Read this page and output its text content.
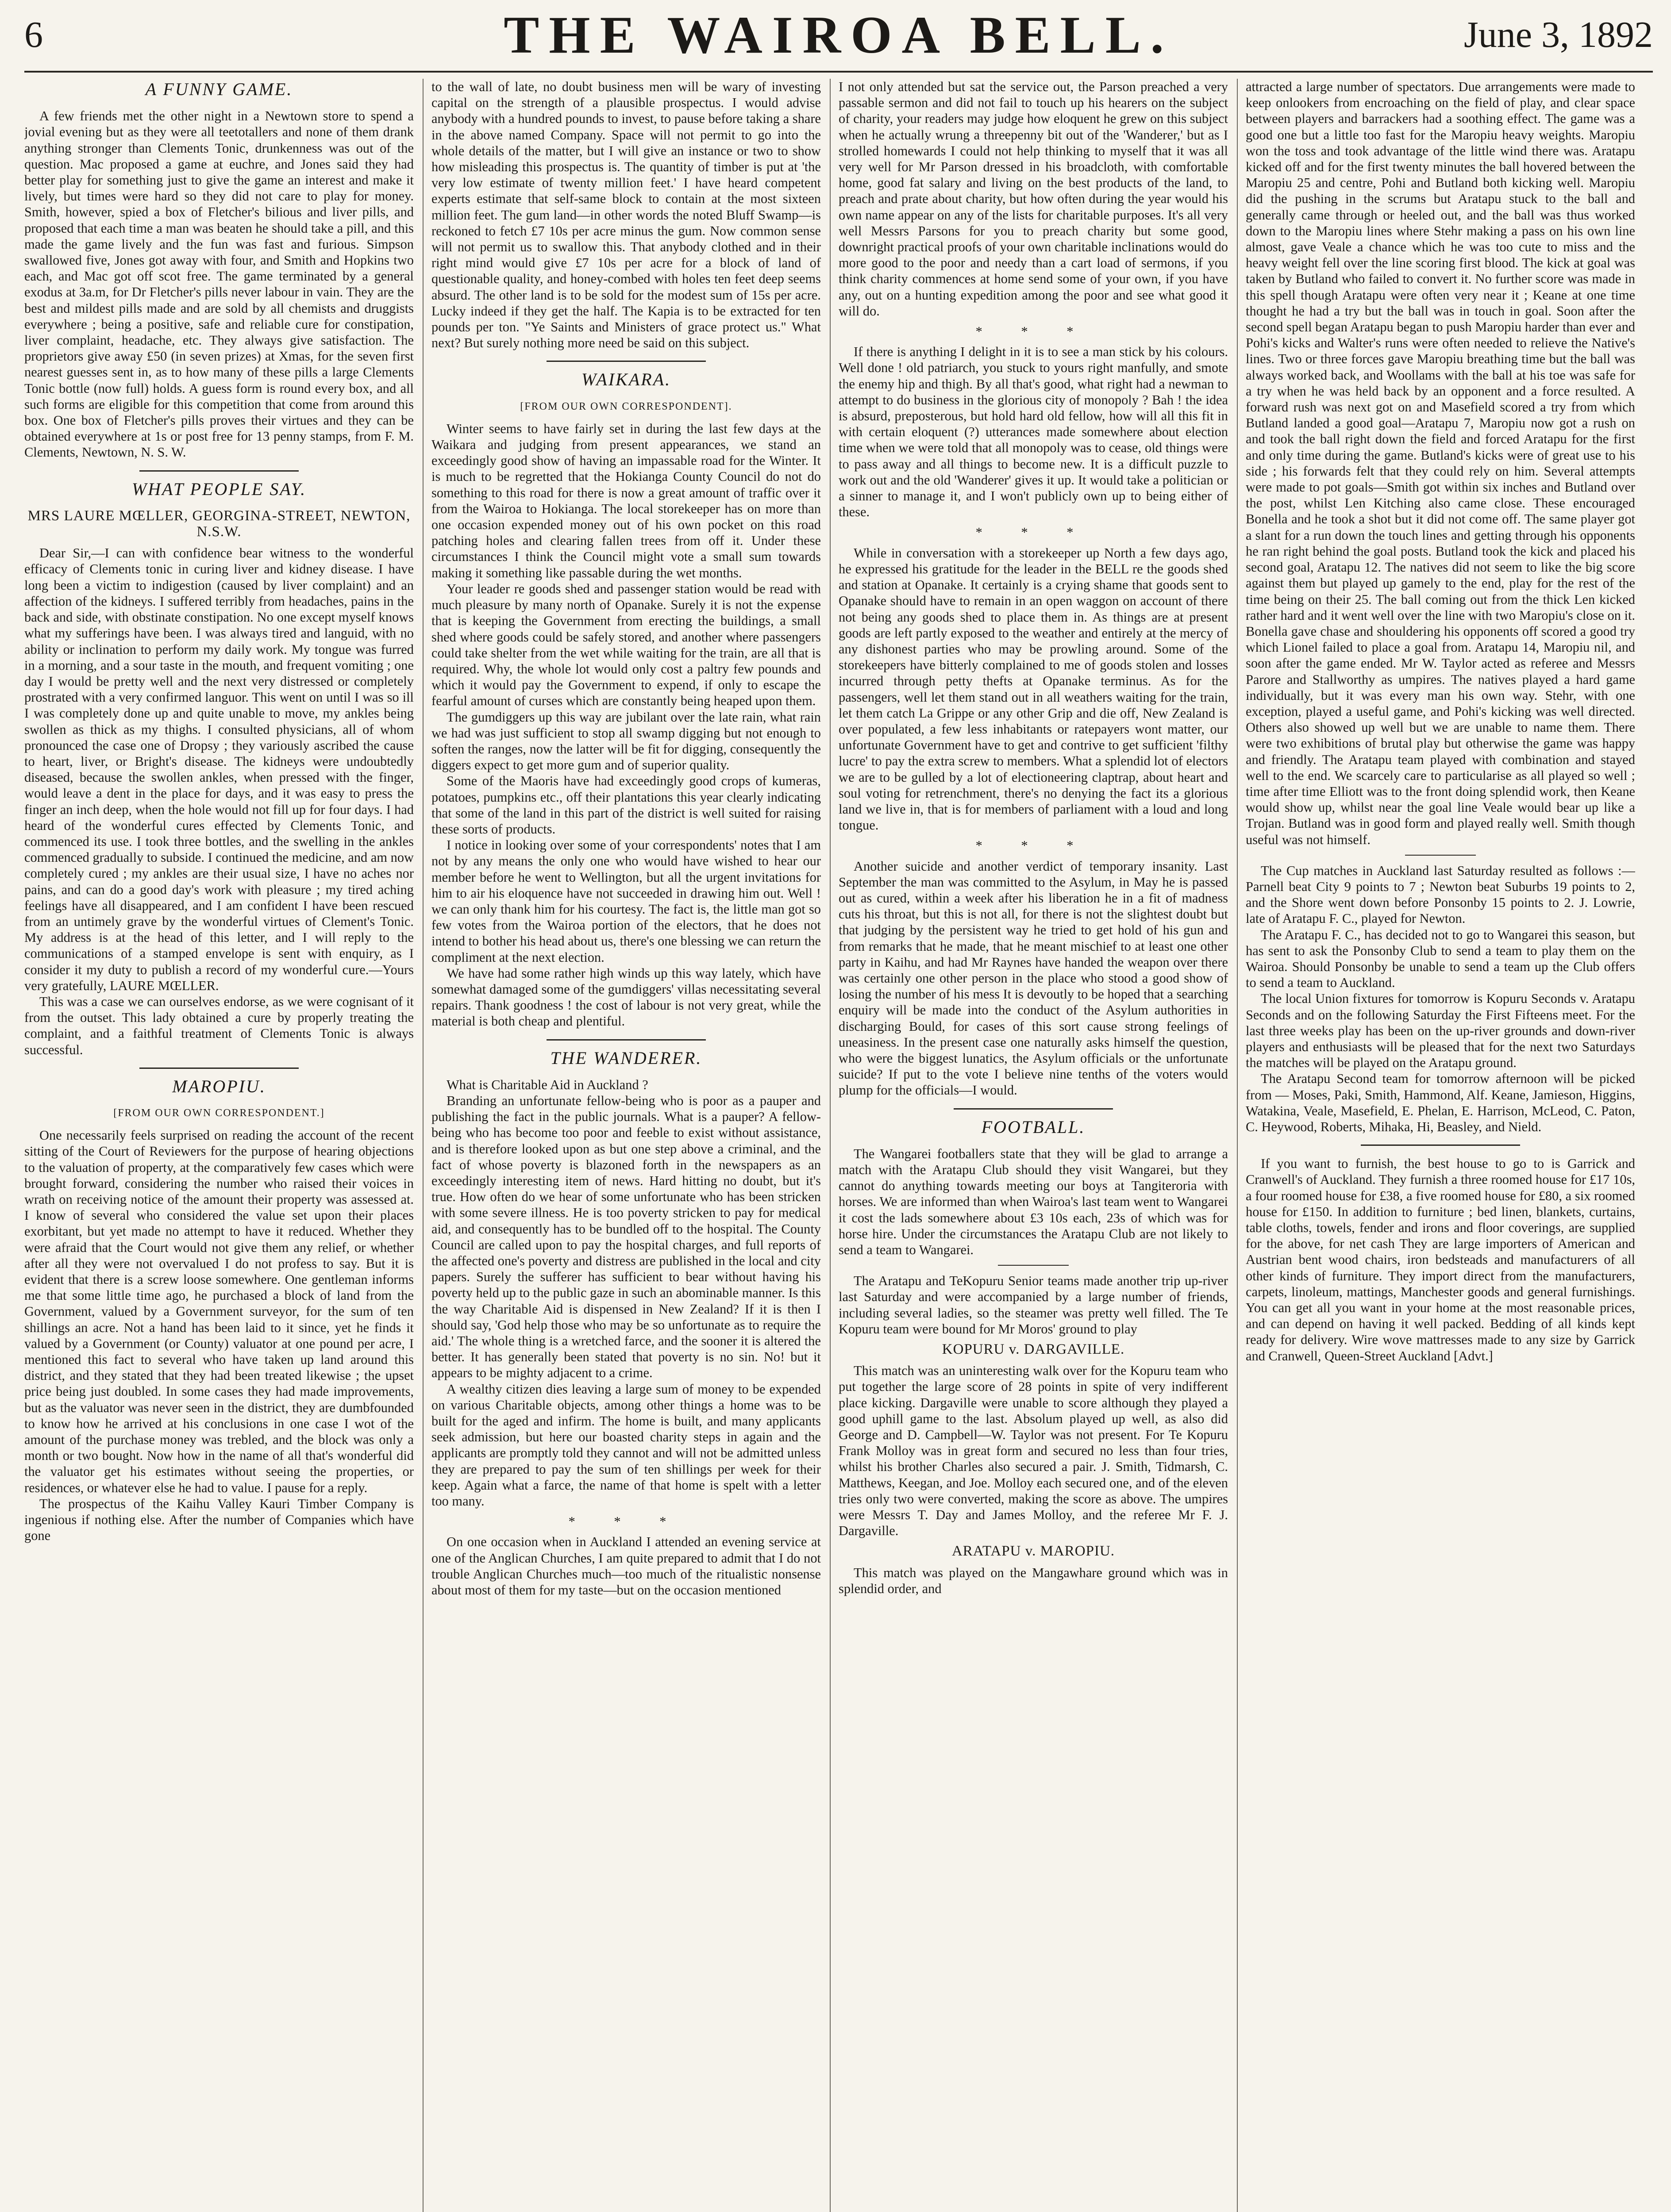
6	THE WAIROA BELL.	June 3, 1892
A FUNNY GAME.

A few friends met the other night in a Newtown store to spend a jovial evening but as they were all teetotallers and none of them drank anything stronger than Clements Tonic, drunkenness was out of the question. Mac proposed a game at euchre, and Jones said they had better play for something just to give the game an interest and make it lively, but times were hard so they did not care to play for money. Smith, however, spied a box of Fletcher's bilious and liver pills, and proposed that each time a man was beaten he should take a pill, and this made the game lively and the fun was fast and furious. Simpson swallowed five, Jones got away with four, and Smith and Hopkins two each, and Mac got off scot free. The game terminated by a general exodus at 3a.m, for Dr Fletcher's pills never labour in vain. They are the best and mildest pills made and are sold by all chemists and druggists everywhere ; being a positive, safe and reliable cure for constipation, liver complaint, headache, etc. They always give satisfaction. The proprietors give away £50 (in seven prizes) at Xmas, for the seven first nearest guesses sent in, as to how many of these pills a large Clements Tonic bottle (now full) holds. A guess form is round every box, and all such forms are eligible for this competition that come from around this box. One box of Fletcher's pills proves their virtues and they can be obtained everywhere at 1s or post free for 13 penny stamps, from F. M. Clements, Newtown, N. S. W.

WHAT PEOPLE SAY.
MRS LAURE MŒLLER, GEORGINA-STREET, NEWTON, N.S.W.

Dear Sir,—I can with confidence bear witness to the wonderful efficacy of Clements tonic in curing liver and kidney disease. I have long been a victim to indigestion (caused by liver complaint) and an affection of the kidneys. I suffered terribly from headaches, pains in the back and side, with obstinate constipation. No one except myself knows what my sufferings have been. I was always tired and languid, with no ability or inclination to perform my daily work. My tongue was furred in a morning, and a sour taste in the mouth, and frequent vomiting ; one day I would be pretty well and the next very distressed or completely prostrated with a very confirmed languor. This went on until I was so ill I was completely done up and quite unable to move, my ankles being swollen as thick as my thighs. I consulted physicians, all of whom pronounced the case one of Dropsy ; they variously ascribed the cause to heart, liver, or Bright's disease. The kidneys were undoubtedly diseased, because the swollen ankles, when pressed with the finger, would leave a dent in the place for days, and it was easy to press the finger an inch deep, when the hole would not fill up for four days. I had heard of the wonderful cures effected by Clements Tonic, and commenced its use. I took three bottles, and the swelling in the ankles commenced gradually to subside. I continued the medicine, and am now completely cured ; my ankles are their usual size, I have no aches nor pains, and can do a good day's work with pleasure ; my tired aching feelings have all disappeared, and I am confident I have been rescued from an untimely grave by the wonderful virtues of Clement's Tonic. My address is at the head of this letter, and I will reply to the communications of a stamped envelope is sent with enquiry, as I consider it my duty to publish a record of my wonderful cure.—Yours very gratefully, LAURE MŒLLER.

This was a case we can ourselves endorse, as we were cognisant of it from the outset. This lady obtained a cure by properly treating the complaint, and a faithful treatment of Clements Tonic is always successful.

MAROPIU.

[FROM OUR OWN CORRESPONDENT.]

One necessarily feels surprised on reading the account of the recent sitting of the Court of Reviewers for the purpose of hearing objections to the valuation of property, at the comparatively few cases which were brought forward, considering the number who raised their voices in wrath on receiving notice of the amount their property was assessed at. I know of several who considered the value set upon their places exorbitant, but yet made no attempt to have it reduced. Whether they were afraid that the Court would not give them any relief, or whether after all they were not overvalued I do not profess to say. But it is evident that there is a screw loose somewhere. One gentleman informs me that some little time ago, he purchased a block of land from the Government, valued by a Government surveyor, for the sum of ten shillings an acre. Not a hand has been laid to it since, yet he finds it valued by a Government (or County) valuator at one pound per acre, I mentioned this fact to several who have taken up land around this district, and they stated that they had been treated likewise ; the upset price being just doubled. In some cases they had made improvements, but as the valuator was never seen in the district, they are dumbfounded to know how he arrived at his conclusions in one case I wot of the amount of the purchase money was trebled, and the block was only a month or two bought. Now how in the name of all that's wonderful did the valuator get his estimates without seeing the properties, or residences, or whatever else he had to value. I pause for a reply.

The prospectus of the Kaihu Valley Kauri Timber Company is ingenious if nothing else. After the number of Companies which have gone

to the wall of late, no doubt business men will be wary of investing capital on the strength of a plausible prospectus. I would advise anybody with a hundred pounds to invest, to pause before taking a share in the above named Company. Space will not permit to go into the whole details of the matter, but I will give an instance or two to show how misleading this prospectus is. The quantity of timber is put at 'the very low estimate of twenty million feet.' I have heard competent experts estimate that self-same block to contain at the most sixteen million feet. The gum land—in other words the noted Bluff Swamp—is reckoned to fetch £7 10s per acre minus the gum. Now common sense will not permit us to swallow this. That anybody clothed and in their right mind would give £7 10s per acre for a block of land of questionable quality, and honey-combed with holes ten feet deep seems absurd. The other land is to be sold for the modest sum of 15s per acre. Lucky indeed if they get the half. The Kapia is to be extracted for ten pounds per ton. "Ye Saints and Ministers of grace protect us." What next? But surely nothing more need be said on this subject.

WAIKARA.

[FROM OUR OWN CORRESPONDENT].

Winter seems to have fairly set in during the last few days at the Waikara and judging from present appearances, we stand an exceedingly good show of having an impassable road for the Winter. It is much to be regretted that the Hokianga County Council do not do something to this road for there is now a great amount of traffic over it from the Wairoa to Hokianga. The local storekeeper has on more than one occasion expended money out of his own pocket on this road patching holes and clearing fallen trees from off it. Under these circumstances I think the Council might vote a small sum towards making it something like passable during the wet months.

Your leader re goods shed and passenger station would be read with much pleasure by many north of Opanake. Surely it is not the expense that is keeping the Government from erecting the buildings, a small shed where goods could be safely stored, and another where passengers could take shelter from the wet while waiting for the train, are all that is required. Why, the whole lot would only cost a paltry few pounds and which it would pay the Government to expend, if only to escape the fearful amount of curses which are constantly being heaped upon them.

The gumdiggers up this way are jubilant over the late rain, what rain we had was just sufficient to stop all swamp digging but not enough to soften the ranges, now the latter will be fit for digging, consequently the diggers expect to get more gum and of superior quality.

Some of the Maoris have had exceedingly good crops of kumeras, potatoes, pumpkins etc., off their plantations this year clearly indicating that some of the land in this part of the district is well suited for raising these sorts of products.

I notice in looking over some of your correspondents' notes that I am not by any means the only one who would have wished to hear our member before he went to Wellington, but all the urgent invitations for him to air his eloquence have not succeeded in drawing him out. Well ! we can only thank him for his courtesy. The fact is, the little man got so few votes from the Wairoa portion of the electors, that he does not intend to bother his head about us, there's one blessing we can return the compliment at the next election.

We have had some rather high winds up this way lately, which have somewhat damaged some of the gumdiggers' villas necessitating several repairs. Thank goodness ! the cost of labour is not very great, while the material is both cheap and plentiful.

THE WANDERER.

What is Charitable Aid in Auckland ?

Branding an unfortunate fellow-being who is poor as a pauper and publishing the fact in the public journals. What is a pauper? A fellow-being who has become too poor and feeble to exist without assistance, and is therefore looked upon as but one step above a criminal, and the fact of whose poverty is blazoned forth in the newspapers as an exceedingly interesting item of news. Hard hitting no doubt, but it's true. How often do we hear of some unfortunate who has been stricken with some severe illness. He is too poverty stricken to pay for medical aid, and consequently has to be bundled off to the hospital. The County Council are called upon to pay the hospital charges, and full reports of the affected one's poverty and distress are published in the local and city papers. Surely the sufferer has sufficient to bear without having his poverty held up to the public gaze in such an abominable manner. Is this the way Charitable Aid is dispensed in New Zealand? If it is then I should say, 'God help those who may be so unfortunate as to require the aid.' The whole thing is a wretched farce, and the sooner it is altered the better. It has generally been stated that poverty is no sin. No! but it appears to be mighty adjacent to a crime.

A wealthy citizen dies leaving a large sum of money to be expended on various Charitable objects, among other things a home was to be built for the aged and infirm. The home is built, and many applicants seek admission, but here our boasted charity steps in again and the applicants are promptly told they cannot and will not be admitted unless they are prepared to pay the sum of ten shillings per week for their keep. Again what a farce, the name of that home is spelt with a letter too many.

* * *

On one occasion when in Auckland I attended an evening service at one of the Anglican Churches, I am quite prepared to admit that I do not trouble Anglican Churches much—too much of the ritualistic nonsense about most of them for my taste—but on the occasion mentioned

I not only attended but sat the service out, the Parson preached a very passable sermon and did not fail to touch up his hearers on the subject of charity, your readers may judge how eloquent he grew on this subject when he actually wrung a threepenny bit out of the 'Wanderer,' but as I strolled homewards I could not help thinking to myself that it was all very well for Mr Parson dressed in his broadcloth, with comfortable home, good fat salary and living on the best products of the land, to preach and prate about charity, but how often during the year would his own name appear on any of the lists for charitable purposes. It's all very well Messrs Parsons for you to preach charity but some good, downright practical proofs of your own charitable inclinations would do more good to the poor and needy than a cart load of sermons, if you think charity commences at home send some of your own, if you have any, out on a hunting expedition among the poor and see what good it will do.

* * *

If there is anything I delight in it is to see a man stick by his colours. Well done ! old patriarch, you stuck to yours right manfully, and smote the enemy hip and thigh. By all that's good, what right had a newman to attempt to do business in the glorious city of monopoly ? Bah ! the idea is absurd, preposterous, but hold hard old fellow, how will all this fit in with certain eloquent (?) utterances made somewhere about election time when we were told that all monopoly was to cease, old things were to pass away and all things to become new. It is a difficult puzzle to work out and the old 'Wanderer' gives it up. It would take a politician or a sinner to manage it, and I won't publicly own up to being either of these.

* * *

While in conversation with a storekeeper up North a few days ago, he expressed his gratitude for the leader in the BELL re the goods shed and station at Opanake. It certainly is a crying shame that goods sent to Opanake should have to remain in an open waggon on account of there not being any goods shed to place them in. As things are at present goods are left partly exposed to the weather and entirely at the mercy of any dishonest parties who may be prowling around. Some of the storekeepers have bitterly complained to me of goods stolen and losses incurred through petty thefts at Opanake terminus. As for the passengers, well let them stand out in all weathers waiting for the train, let them catch La Grippe or any other Grip and die off, New Zealand is over populated, a few less inhabitants or ratepayers wont matter, our unfortunate Government have to get and contrive to get sufficient 'filthy lucre' to pay the extra screw to members. What a splendid lot of electors we are to be gulled by a lot of electioneering claptrap, about heart and soul voting for retrenchment, there's no denying the fact its a glorious land we live in, that is for members of parliament with a loud and long tongue.

* * *

Another suicide and another verdict of temporary insanity. Last September the man was committed to the Asylum, in May he is passed out as cured, within a week after his liberation he in a fit of madness cuts his throat, but this is not all, for there is not the slightest doubt but that judging by the persistent way he tried to get hold of his gun and from remarks that he made, that he meant mischief to at least one other party in Kaihu, and had Mr Raynes have handed the weapon over there was certainly one other person in the place who stood a good show of losing the number of his mess It is devoutly to be hoped that a searching enquiry will be made into the conduct of the Asylum authorities in discharging Bould, for cases of this sort cause strong feelings of uneasiness. In the present case one naturally asks himself the question, who were the biggest lunatics, the Asylum officials or the unfortunate suicide? If put to the vote I believe nine tenths of the voters would plump for the officials—I would.

FOOTBALL.

The Wangarei footballers state that they will be glad to arrange a match with the Aratapu Club should they visit Wangarei, but they cannot do anything towards meeting our boys at Tangiteroria with horses. We are informed than when Wairoa's last team went to Wangarei it cost the lads somewhere about £3 10s each, 23s of which was for horse hire. Under the circumstances the Aratapu Club are not likely to send a team to Wangarei.

The Aratapu and TeKopuru Senior teams made another trip up-river last Saturday and were accompanied by a large number of friends, including several ladies, so the steamer was pretty well filled. The Te Kopuru team were bound for Mr Moros' ground to play

KOPURU v. DARGAVILLE.

This match was an uninteresting walk over for the Kopuru team who put together the large score of 28 points in spite of very indifferent place kicking. Dargaville were unable to score although they played a good uphill game to the last. Absolum played up well, as also did George and D. Campbell—W. Taylor was not present. For Te Kopuru Frank Molloy was in great form and secured no less than four tries, whilst his brother Charles also secured a pair. J. Smith, Tidmarsh, C. Matthews, Keegan, and Joe. Molloy each secured one, and of the eleven tries only two were converted, making the score as above. The umpires were Messrs T. Day and James Molloy, and the referee Mr F. J. Dargaville.

ARATAPU v. MAROPIU.

This match was played on the Mangawhare ground which was in splendid order, and

attracted a large number of spectators. Due arrangements were made to keep onlookers from encroaching on the field of play, and clear space between players and barrackers had a soothing effect. The game was a good one but a little too fast for the Maropiu heavy weights. Maropiu won the toss and took advantage of the little wind there was. Aratapu kicked off and for the first twenty minutes the ball hovered between the Maropiu 25 and centre, Pohi and Butland both kicking well. Maropiu did the pushing in the scrums but Aratapu stuck to the ball and generally came through or heeled out, and the ball was thus worked down to the Maropiu lines where Stehr making a pass on his own line almost, gave Veale a chance which he was too cute to miss and the heavy weight fell over the line scoring first blood. The kick at goal was taken by Butland who failed to convert it. No further score was made in this spell though Aratapu were often very near it ; Keane at one time thought he had a try but the ball was in touch in goal. Soon after the second spell began Aratapu began to push Maropiu harder than ever and Pohi's kicks and Walter's runs were often needed to relieve the Native's lines. Two or three forces gave Maropiu breathing time but the ball was always worked back, and Woollams with the ball at his toe was safe for a try when he was held back by an opponent and a force resulted. A forward rush was next got on and Masefield scored a try from which Butland landed a good goal—Aratapu 7, Maropiu now got a rush on and took the ball right down the field and forced Aratapu for the first and only time during the game. Butland's kicks were of great use to his side ; his forwards felt that they could rely on him. Several attempts were made to pot goals—Smith got within six inches and Butland over the post, whilst Len Kitching also came close. These encouraged Bonella and he took a shot but it did not come off. The same player got a slant for a run down the touch lines and getting through his opponents he ran right behind the goal posts. Butland took the kick and placed his second goal, Aratapu 12. The natives did not seem to like the big score against them but played up gamely to the end, play for the rest of the time being on their 25. The ball coming out from the thick Len kicked rather hard and it went well over the line with two Maropiu's close on it. Bonella gave chase and shouldering his opponents off scored a good try which Lionel failed to place a goal from. Aratapu 14, Maropiu nil, and soon after the game ended. Mr W. Taylor acted as referee and Messrs Parore and Stallworthy as umpires. The natives played a hard game individually, but it was every man his own way. Stehr, with one exception, played a useful game, and Pohi's kicking was well directed. Others also showed up well but we are unable to name them. There were two exhibitions of brutal play but otherwise the game was happy and friendly. The Aratapu team played with combination and stayed well to the end. We scarcely care to particularise as all played so well ; time after time Elliott was to the front doing splendid work, then Keane would show up, whilst near the goal line Veale would bear up like a Trojan. Butland was in good form and played really well. Smith though useful was not himself.

The Cup matches in Auckland last Saturday resulted as follows :—Parnell beat City 9 points to 7 ; Newton beat Suburbs 19 points to 2, and the Shore went down before Ponsonby 15 points to 2. J. Lowrie, late of Aratapu F. C., played for Newton.

The Aratapu F. C., has decided not to go to Wangarei this season, but has sent to ask the Ponsonby Club to send a team to play them on the Wairoa. Should Ponsonby be unable to send a team up the Club offers to send a team to Auckland.

The local Union fixtures for tomorrow is Kopuru Seconds v. Aratapu Seconds and on the following Saturday the First Fifteens meet. For the last three weeks play has been on the up-river grounds and down-river players and enthusiasts will be pleased that for the next two Saturdays the matches will be played on the Aratapu ground.

The Aratapu Second team for tomorrow afternoon will be picked from — Moses, Paki, Smith, Hammond, Alf. Keane, Jamieson, Higgins, Watakina, Veale, Masefield, E. Phelan, E. Harrison, McLeod, C. Paton, C. Heywood, Roberts, Mihaka, Hi, Beasley, and Nield.

If you want to furnish, the best house to go to is Garrick and Cranwell's of Auckland. They furnish a three roomed house for £17 10s, a four roomed house for £38, a five roomed house for £80, a six roomed house for £150. In addition to furniture ; bed linen, blankets, curtains, table cloths, towels, fender and irons and floor coverings, are supplied for the above, for net cash They are large importers of American and Austrian bent wood chairs, iron bedsteads and manufacturers of all other kinds of furniture. They import direct from the manufacturers, carpets, linoleum, mattings, Manchester goods and general furnishings. You can get all you want in your home at the most reasonable prices, and can depend on having it well packed. Bedding of all kinds kept ready for delivery. Wire wove mattresses made to any size by Garrick and Cranwell, Queen-Street Auckland [Advt.]
